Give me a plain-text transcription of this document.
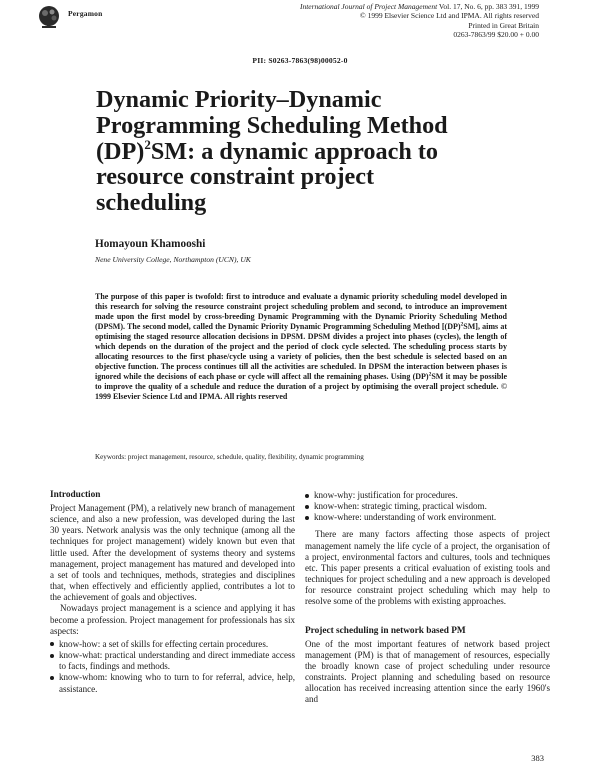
Pergamon
International Journal of Project Management Vol. 17, No. 6, pp. 383 391, 1999
© 1999 Elsevier Science Ltd and IPMA. All rights reserved
Printed in Great Britain
0263-7863/99 $20.00 + 0.00
PII: S0263-7863(98)00052-0
Dynamic Priority–Dynamic
Programming Scheduling Method
(DP)$^2$SM: a dynamic approach to
resource constraint project
scheduling
Homayoun Khamooshi
Nene University College, Northampton (UCN), UK

The purpose of this paper is twofold: first to introduce and evaluate a dynamic priority scheduling model developed in this research for solving the resource constraint project scheduling problem and second, to introduce an improvement made upon the first model by cross-breeding Dynamic Programming with the Dynamic Priority Scheduling Method (DPSM). The second model, called the Dynamic Priority Dynamic Programming Scheduling Method [(DP)$^2$SM], aims at optimising the staged resource allocation decisions in DPSM. DPSM divides a project into phases (cycles), the length of which depends on the duration of the project and the period of clock cycle selected. The scheduling process starts by allocating resources to the first phase/cycle using a variety of policies, then the best schedule is selected based on an objective function. The process continues till all the activities are scheduled. In DPSM the interaction between phases is ignored while the decisions of each phase or cycle will affect all the remaining phases. Using (DP)$^2$SM it may be possible to improve the quality of a schedule and reduce the duration of a project by optimising the overall project schedule. © 1999 Elsevier Science Ltd and IPMA. All rights reserved

Keywords: project management, resource, schedule, quality, flexibility, dynamic programming
Introduction

Project Management (PM), a relatively new branch of management science, and also a new profession, was developed during the last 30 years. Network analysis was the only technique (among all the techniques for project management) widely known but even that little used. After the development of systems theory and systems management, project management has matured and developed into a set of tools and techniques, methods, strategies and disciplines that, when effectively and efficiently applied, contributes a lot to the achievement of goals and objectives.

Nowadays project management is a science and applying it has become a profession. Project management for professionals has six aspects:

know-how: a set of skills for effecting certain procedures.
know-what: practical understanding and direct immediate access to facts, findings and methods.
know-whom: knowing who to turn to for referral, advice, help, assistance.
know-why: justification for procedures.
know-when: strategic timing, practical wisdom.
know-where: understanding of work environment.

There are many factors affecting those aspects of project management namely the life cycle of a project, the organisation of a project, environmental factors and cultures, tools and techniques etc. This paper presents a critical evaluation of existing tools and techniques for project scheduling and a new approach is developed for resource constraint project scheduling which may help to resolve some of the problems with existing approaches.

Project scheduling in network based PM

One of the most important features of network based project management (PM) is that of management of resources, especially the broadly known case of project scheduling under resource constraints. Project planning and scheduling based on resource allocation has received increasing attention since the early 1960's and

383
